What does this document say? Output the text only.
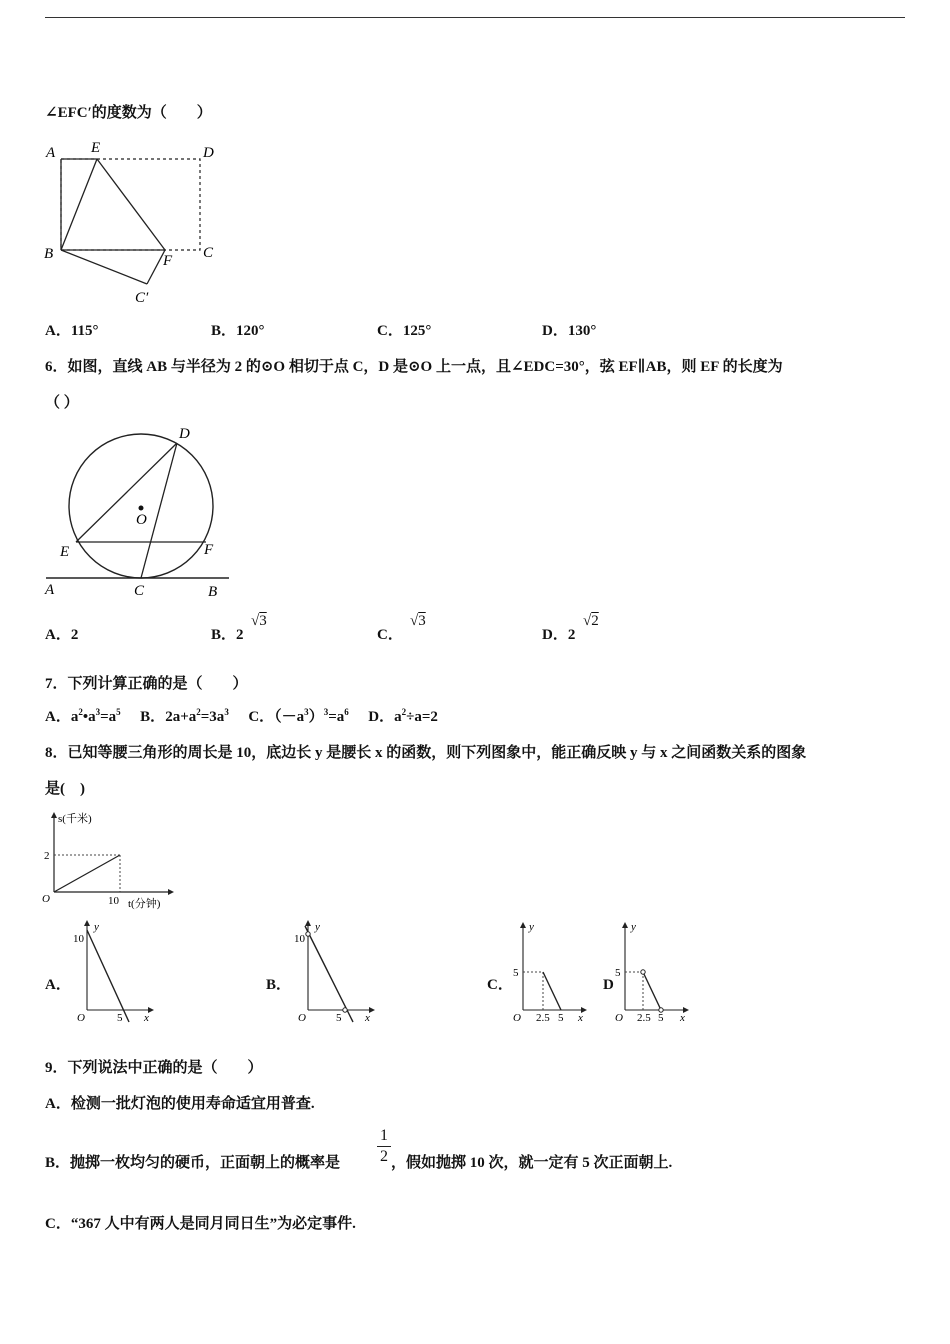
∠EFC′的度数为（　　）
A E	D
B	F C
C′
A．115°	B．120°	C．125°	D．130°
6．如图，直线 AB 与半径为 2 的⊙O 相切于点 C，D 是⊙O 上一点，且∠EDC=30°，弦 EF∥AB，则 EF 的长度为
（ ）
D
O
E	F
A	C	B
A．2	B．2
√3
C．
√3
D．2
√2
7．下列计算正确的是（　　）
A．$a^2•a^3=a^5$ B．$2a+a^2=3a^3$ C．$(-a^3)^3=a^6$ D．$a^2\div a=2$
8．已知等腰三角形的周长是 10，底边长 y 是腰长 x 的函数，则下列图象中，能正确反映 y 与 x 之间函数关系的图象
是(　)
s(千米)
2
O	10 t(分钟)
A．
10
y
O	5 x
B．
10
y
O	5 x
C．
5
y
O 2.5 5 x
D
5
y
O 2.5 5 x
9．下列说法中正确的是（　　）
A．检测一批灯泡的使用寿命适宜用普查.
B．抛掷一枚均匀的硬币，正面朝上的概率是
1
2 ，假如抛掷 10 次，就一定有 5 次正面朝上.
C．“367 人中有两人是同月同日生”为必定事件.
